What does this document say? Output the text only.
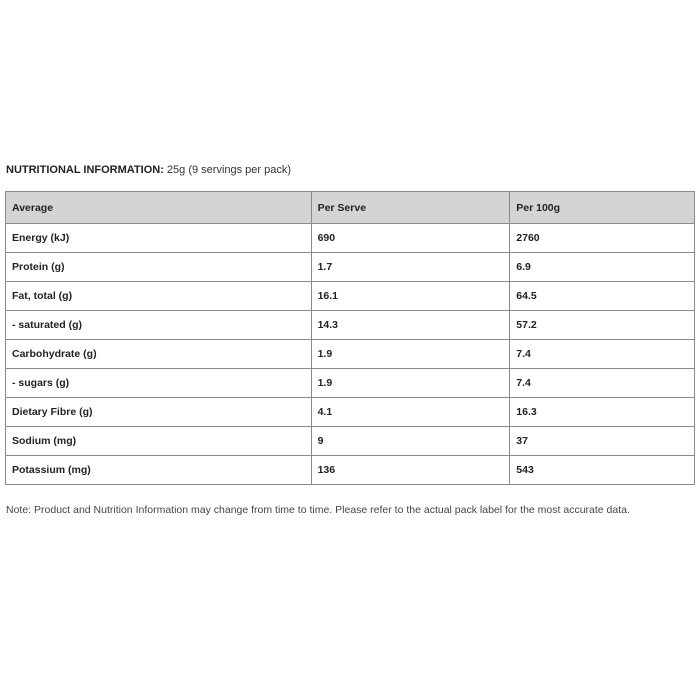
NUTRITIONAL INFORMATION: 25g (9 servings per pack)
Average	Per Serve	Per 100g
Energy (kJ)	690	2760
Protein (g)	1.7	6.9
Fat, total (g)	16.1	64.5
- saturated (g)	14.3	57.2
Carbohydrate (g)	1.9	7.4
- sugars (g)	1.9	7.4
Dietary Fibre (g)	4.1	16.3
Sodium (mg)	9	37
Potassium (mg)	136	543
Note: Product and Nutrition Information may change from time to time. Please refer to the actual pack label for the most accurate data.
